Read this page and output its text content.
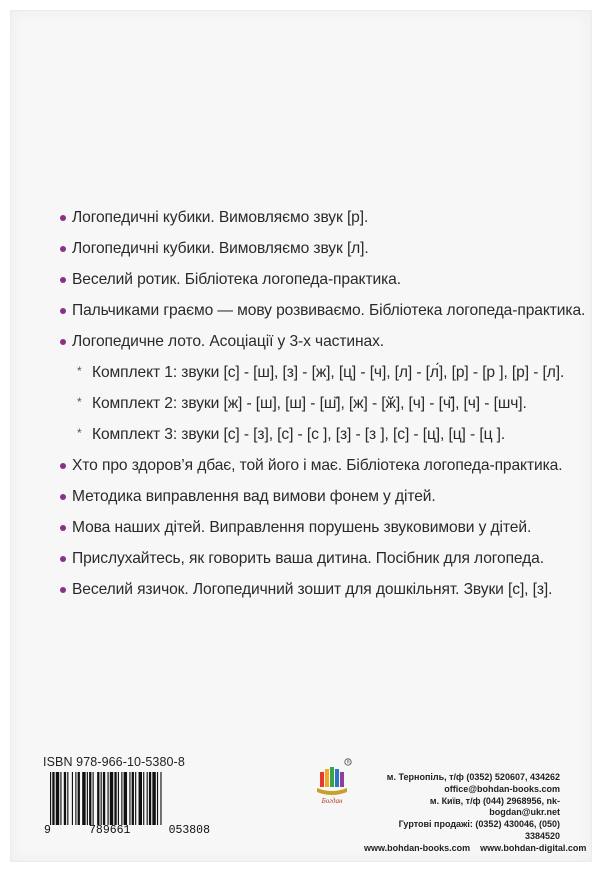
Логопедичні кубики. Вимовляємо звук [р].
Логопедичні кубики. Вимовляємо звук [л].
Веселий ротик. Бібліотека логопеда-практика.
Пальчиками граємо — мову розвиваємо. Бібліотека логопеда-практика.
Логопедичне лото. Асоціації у 3-х частинах.
* Комплект 1: звуки [с] - [ш], [з] - [ж], [ц] - [ч], [л] - [л́], [р] - [р ], [р] - [л].
* Комплект 2: звуки [ж] - [ш], [ш] - [ш̆], [ж] - [ӂ], [ч] - [ч̆], [ч] - [шч].
* Комплект 3: звуки [с] - [з], [с] - [с ], [з] - [з ], [с] - [ц], [ц] - [ц ].
Хто про здоров’я дбає, той його і має. Бібліотека логопеда-практика.
Методика виправлення вад вимови фонем у дітей.
Мова наших дітей. Виправлення порушень звуковимови у дітей.
Прислухайтесь, як говорить ваша дитина. Посібник для логопеда.
Веселий язичок. Логопедичний зошит для дошкільнят. Звуки [с], [з].
ISBN 978-966-10-5380-8
9	789661	053808
R
Богдан
м. Тернопіль, т/ф (0352) 520607, 434262
office@bohdan-books.com
м. Київ, т/ф (044) 2968956, nk-bogdan@ukr.net
Гуртові продажі: (0352) 430046, (050) 3384520
www.bohdan-books.com    www.bohdan-digital.com
